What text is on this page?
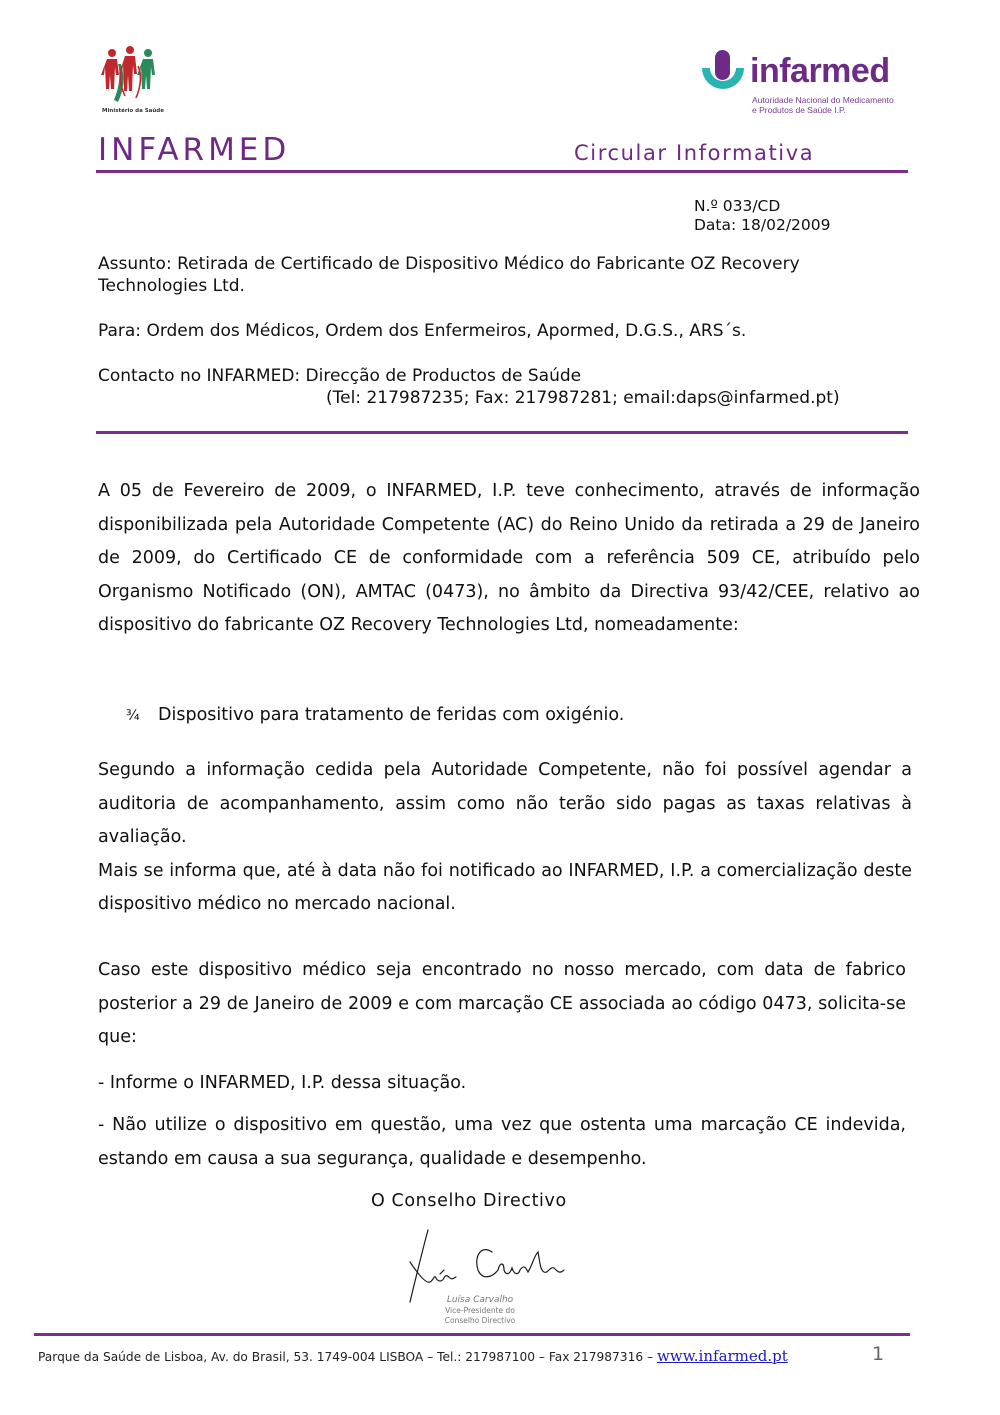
Ministério da Saúde
infarmed
Autoridade Nacional do Medicamento
e Produtos de Saúde I.P.
INFARMED	Circular Informativa
N.º 033/CD
Data: 18/02/2009
Assunto: Retirada de Certificado de Dispositivo Médico do Fabricante OZ Recovery Technologies Ltd.
Para: Ordem dos Médicos, Ordem dos Enfermeiros, Apormed, D.G.S., ARS´s.
Contacto no INFARMED: Direcção de Productos de Saúde
(Tel: 217987235; Fax: 217987281; email:daps@infarmed.pt)
A 05 de Fevereiro de 2009, o INFARMED, I.P. teve conhecimento, através de informação disponibilizada pela Autoridade Competente (AC) do Reino Unido da retirada a 29 de Janeiro de 2009, do Certificado CE de conformidade com a referência 509 CE, atribuído pelo Organismo Notificado (ON), AMTAC (0473), no âmbito da Directiva 93/42/CEE, relativo ao dispositivo do fabricante OZ Recovery Technologies Ltd, nomeadamente:
¾ Dispositivo para tratamento de feridas com oxigénio.
Segundo a informação cedida pela Autoridade Competente, não foi possível agendar a auditoria de acompanhamento, assim como não terão sido pagas as taxas relativas à avaliação.
Mais se informa que, até à data não foi notificado ao INFARMED, I.P. a comercialização deste dispositivo médico no mercado nacional.
Caso este dispositivo médico seja encontrado no nosso mercado, com data de fabrico posterior a 29 de Janeiro de 2009 e com marcação CE associada ao código 0473, solicita-se que:
- Informe o INFARMED, I.P. dessa situação.
- Não utilize o dispositivo em questão, uma vez que ostenta uma marcação CE indevida, estando em causa a sua segurança, qualidade e desempenho.
O Conselho Directivo
Luísa Carvalho
Vice-Presidente do
Conselho Directivo
Parque da Saúde de Lisboa, Av. do Brasil, 53. 1749-004 LISBOA – Tel.: 217987100 – Fax 217987316 – www.infarmed.pt	1
